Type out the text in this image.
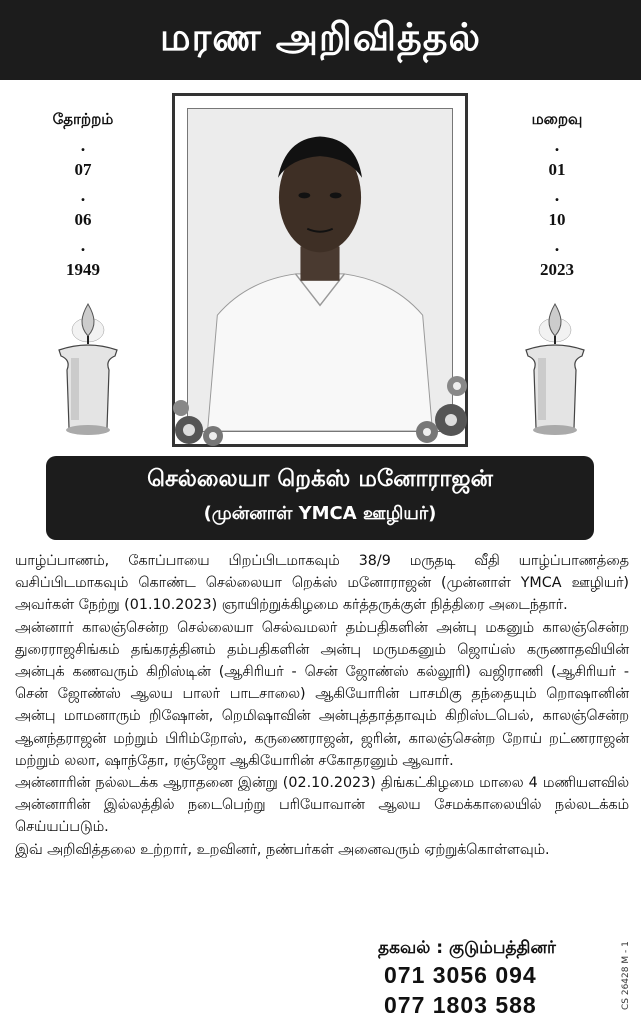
மரண அறிவித்தல்
தோற்றம்
.
07
.
06
.
1949
மறைவு
.
01
.
10
.
2023
செல்லையா றெக்ஸ் மனோராஜன்
(முன்னாள் YMCA ஊழியர்)

யாழ்ப்பாணம், கோப்பாயை பிறப்பிடமாகவும் 38/9 மருதடி வீதி யாழ்ப்பாணத்தை வசிப்பிடமாகவும் கொண்ட செல்லையா றெக்ஸ் மனோராஜன் (முன்னாள் YMCA ஊழியர்) அவர்கள் நேற்று (01.10.2023) ஞாயிற்றுக்கிழமை கர்த்தருக்குள் நித்திரை அடைந்தார்.

அன்னார் காலஞ்சென்ற செல்லையா செல்வமலர் தம்பதிகளின் அன்பு மகனும் காலஞ்சென்ற துரைராஜசிங்கம் தங்கரத்தினம் தம்பதிகளின் அன்பு மருமகனும் ஜொய்ஸ் கருணாதவியின் அன்புக் கணவரும் கிறிஸ்டின் (ஆசிரியர் - சென் ஜோண்ஸ் கல்லூரி) வஜிராணி (ஆசிரியர் - சென் ஜோண்ஸ் ஆலய பாலர் பாடசாலை) ஆகியோரின் பாசமிகு தந்தையும் றொஷானின் அன்பு மாமனாரும் றிஷோன், றெமிஷாவின் அன்புத்தாத்தாவும் கிறிஸ்டபெல், காலஞ்சென்ற ஆனந்தராஜன் மற்றும் பிரிம்றோஸ், கருணைராஜன், ஜரின், காலஞ்சென்ற றோய் றட்ணராஜன் மற்றும் லலா, ஷாந்தோ, ரஞ்ஜோ ஆகியோரின் சகோதரனும் ஆவார்.

அன்னாரின் நல்லடக்க ஆராதனை இன்று (02.10.2023) திங்கட்கிழமை மாலை 4 மணியளவில் அன்னாரின் இல்லத்தில் நடைபெற்று பரியோவான் ஆலய சேமக்காலையில் நல்லடக்கம் செய்யப்படும்.

இவ் அறிவித்தலை உற்றார், உறவினர், நண்பர்கள் அனைவரும் ஏற்றுக்கொள்ளவும்.

தகவல் : குடும்பத்தினர்
071 3056 094
077 1803 588	CS 26428 M - 1
